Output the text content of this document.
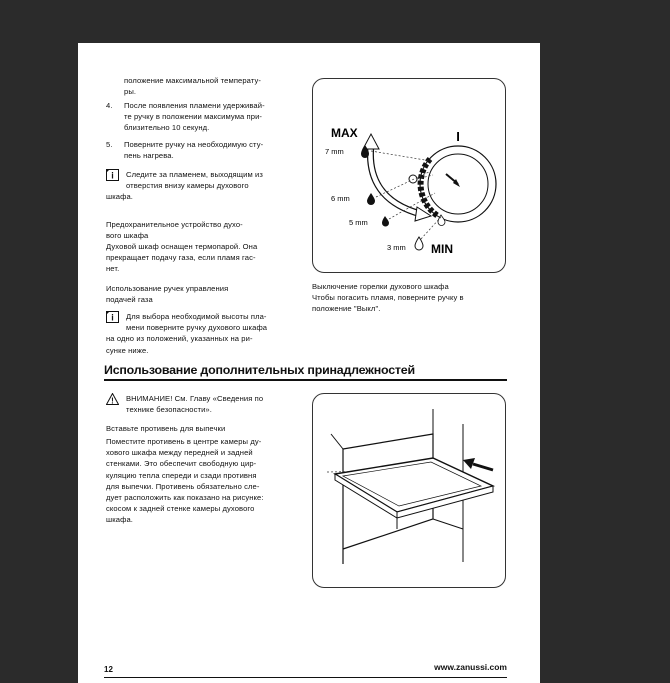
положение максимальной температу-
ры.
4. После появления пламени удерживай-
те ручку в положении максимума при-
близительно 10 секунд.
5. Поверните ручку на необходимую сту-
пень нагрева.
i Следите за пламенем, выходящим из
отверстия внизу камеры духового
шкафа.
Предохранительное устройство духо-
вого шкафа
Духовой шкаф оснащен термопарой. Она
прекращает подачу газа, если пламя гас-
нет.
Использование ручек управления
подачей газа
i Для выбора необходимой высоты пла-
мени поверните ручку духового шкафа
на одно из положений, указанных на ри-
сунке ниже.
I
MAX
7 mm
6 mm
5 mm
3 mm MIN
Выключение горелки духового шкафа
Чтобы погасить пламя, поверните ручку в
положение "Выкл".
Использование дополнительных принадлежностей
! ВНИМАНИЕ! См. Главу «Сведения по
технике безопасности».
Вставьте противень для выпечки
Поместите противень в центре камеры ду-
хового шкафа между передней и задней
стенками. Это обеспечит свободную цир-
куляцию тепла спереди и сзади противня
для выпечки. Противень обязательно сле-
дует расположить как показано на рисунке:
скосом к задней стенке камеры духового
шкафа.
12	www.zanussi.com
